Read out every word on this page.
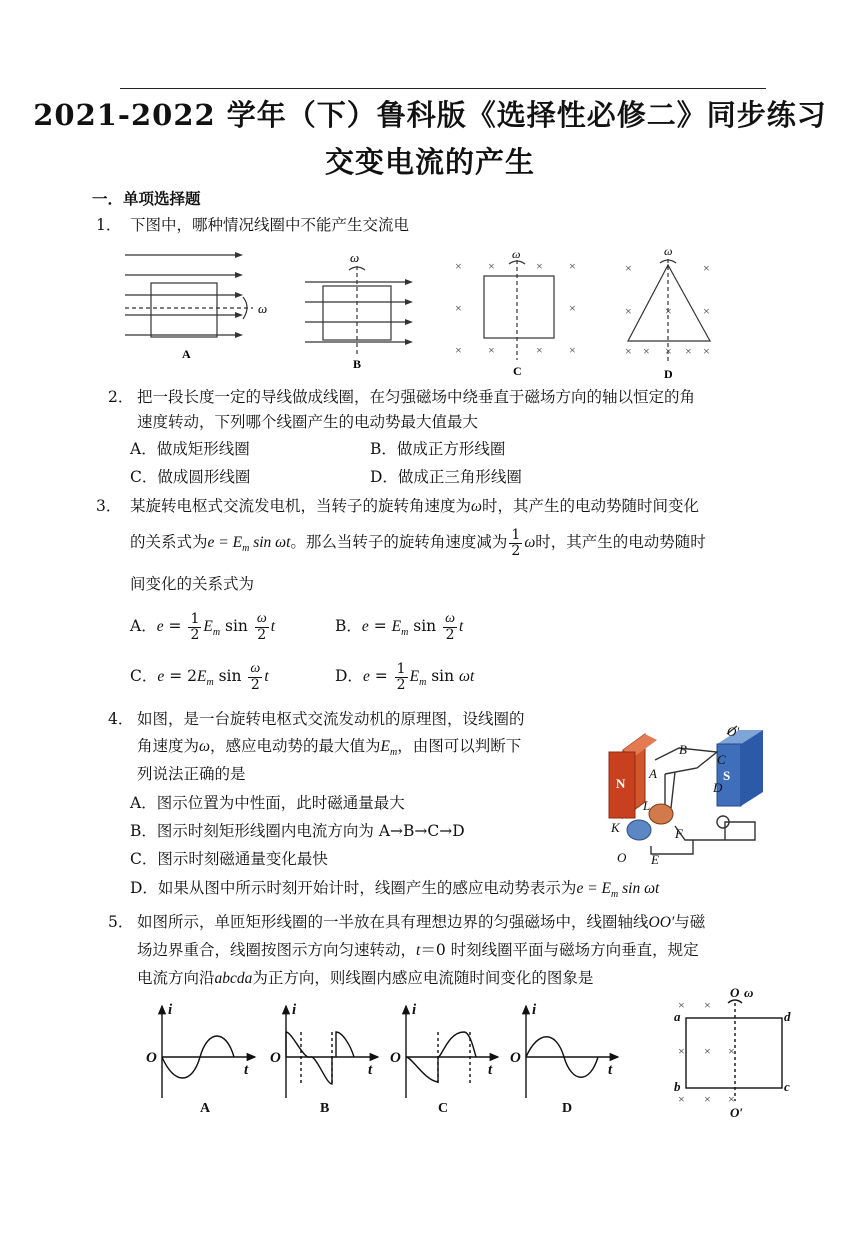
2021-2022 学年（下）鲁科版《选择性必修二》同步练习
交变电流的产生
一．单项选择题
1． 下图中，哪种情况线圈中不能产生交流电
ω
A
ω
B
× ×	× ×
×	×
× ×	× ×
ω
C
×	×
×	×	×
× × × × ×
ω
D
2． 把一段长度一定的导线做成线圈，在匀强磁场中绕垂直于磁场方向的轴以恒定的角
速度转动，下列哪个线圈产生的电动势最大值最大
A．做成矩形线圈	B．做成正方形线圈
C．做成圆形线圈	D．做成正三角形线圈
3． 某旋转电枢式交流发电机，当转子的旋转角速度为ω时，其产生的电动势随时间变化
的关系式为$e = E_m$ sin ωt。那么当转子的旋转角速度减为 $\frac{1}{2}$ ω时，其产生的电动势随时
间变化的关系式为
A．$e = \frac{1}{2} E_m$ $\sin \frac{\omega}{2}$ t	B．$e = E_m$ $\sin \frac{\omega}{2}$ t
C．$e = 2E_m$ $\sin \frac{\omega}{2}$ t	D．$e = \frac{1}{2} E_m$ sin ωt
4． 如图，是一台旋转电枢式交流发动机的原理图，设线圈的
角速度为ω，感应电动势的最大值为$E_m$，由图可以判断下
列说法正确的是
A．图示位置为中性面，此时磁通量最大
B．图示时刻矩形线圈内电流方向为 A→B→C→D
C．图示时刻磁通量变化最快
D．如果从图中所示时刻开始计时，线圈产生的感应电动势表示为$e = E_m$ sin ωt
N
S
A
B
C
D
O′
L
K	F
E
O
5． 如图所示，单匝矩形线圈的一半放在具有理想边界的匀强磁场中，线圈轴线OO′与磁
场边界重合，线圈按图示方向匀速转动，t＝0 时刻线圈平面与磁场方向垂直，规定
电流方向沿abcda为正方向，则线圈内感应电流随时间变化的图象是
i
t
O
i
t
O
i
t
O
i
t
O
A	B	C	D
× ×
× × ×
× × ×
a	d
b	c
O ω
O′
